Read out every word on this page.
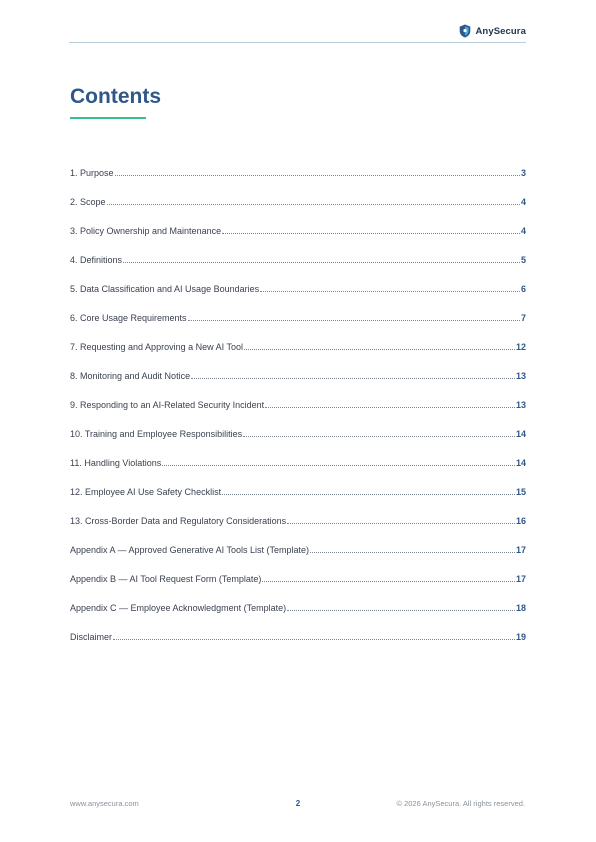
AnySecura
Contents
1. Purpose	3
2. Scope	4
3. Policy Ownership and Maintenance	4
4. Definitions	5
5. Data Classification and AI Usage Boundaries	6
6. Core Usage Requirements	7
7. Requesting and Approving a New AI Tool	12
8. Monitoring and Audit Notice	13
9. Responding to an AI-Related Security Incident	13
10. Training and Employee Responsibilities	14
11. Handling Violations	14
12. Employee AI Use Safety Checklist	15
13. Cross-Border Data and Regulatory Considerations	16
Appendix A — Approved Generative AI Tools List (Template)	17
Appendix B — AI Tool Request Form (Template)	17
Appendix C — Employee Acknowledgment (Template)	18
Disclaimer	19
www.anysecura.com	2	© 2026 AnySecura. All rights reserved.
